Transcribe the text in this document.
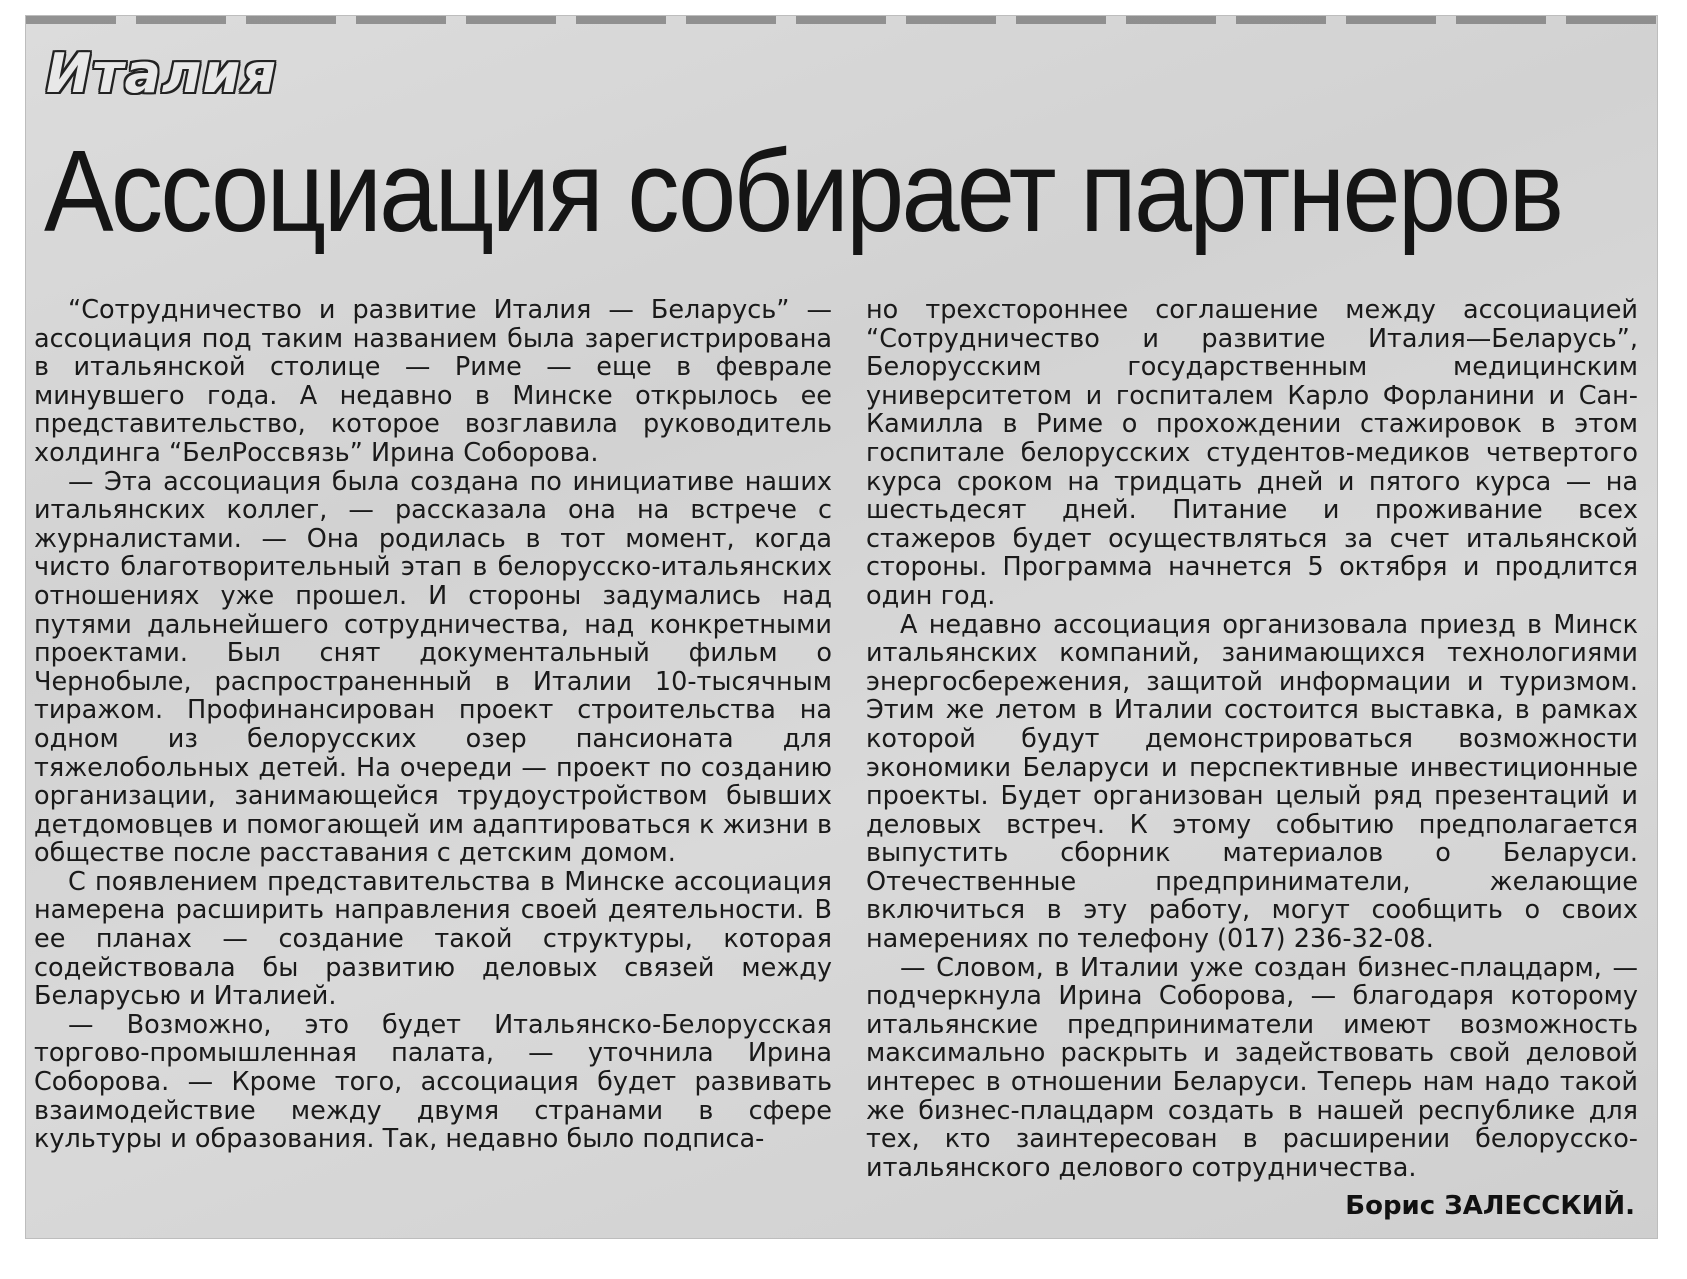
Италия
Ассоциация собирает партнеров

“Сотрудничество и развитие Италия — Беларусь” — ассоциация под таким названием была зарегистрирована в итальянской столице — Риме — еще в феврале минувшего года. А недавно в Минске открылось ее представительство, которое возглавила руководитель холдинга “БелРоссвязь” Ирина Соборова.

— Эта ассоциация была создана по инициативе наших итальянских коллег, — рассказала она на встрече с журналистами. — Она родилась в тот момент, когда чисто благотворительный этап в белорусско-итальянских отношениях уже прошел. И стороны задумались над путями дальнейшего сотрудничества, над конкретными проектами. Был снят документальный фильм о Чернобыле, распространенный в Италии 10-тысячным тиражом. Профинансирован проект строительства на одном из белорусских озер пансионата для тяжелобольных детей. На очереди — проект по созданию организации, занимающейся трудоустройством бывших детдомовцев и помогающей им адаптироваться к жизни в обществе после расставания с детским домом.

С появлением представительства в Минске ассоциация намерена расширить направления своей деятельности. В ее планах — создание такой структуры, которая содействовала бы развитию деловых связей между Беларусью и Италией.

— Возможно, это будет Итальянско-Белорусская торгово-промышленная палата, — уточнила Ирина Соборова. — Кроме того, ассоциация будет развивать взаимодействие между двумя странами в сфере культуры и образования. Так, недавно было подписа-

но трехстороннее соглашение между ассоциацией “Сотрудничество и развитие Италия—Беларусь”, Белорусским государственным медицинским университетом и госпиталем Карло Форланини и Сан-Камилла в Риме о прохождении стажировок в этом госпитале белорусских студентов-медиков четвертого курса сроком на тридцать дней и пятого курса — на шестьдесят дней. Питание и проживание всех стажеров будет осуществляться за счет итальянской стороны. Программа начнется 5 октября и продлится один год.

А недавно ассоциация организовала приезд в Минск итальянских компаний, занимающихся технологиями энергосбережения, защитой информации и туризмом. Этим же летом в Италии состоится выставка, в рамках которой будут демонстрироваться возможности экономики Беларуси и перспективные инвестиционные проекты. Будет организован целый ряд презентаций и деловых встреч. К этому событию предполагается выпустить сборник материалов о Беларуси. Отечественные предприниматели, желающие включиться в эту работу, могут сообщить о своих намерениях по телефону (017) 236-32-08.

— Словом, в Италии уже создан бизнес-плацдарм, — подчеркнула Ирина Соборова, — благодаря которому итальянские предприниматели имеют возможность максимально раскрыть и задействовать свой деловой интерес в отношении Беларуси. Теперь нам надо такой же бизнес-плацдарм создать в нашей республике для тех, кто заинтересован в расширении белорусско-итальянского делового сотрудничества.

Борис ЗАЛЕССКИЙ.
